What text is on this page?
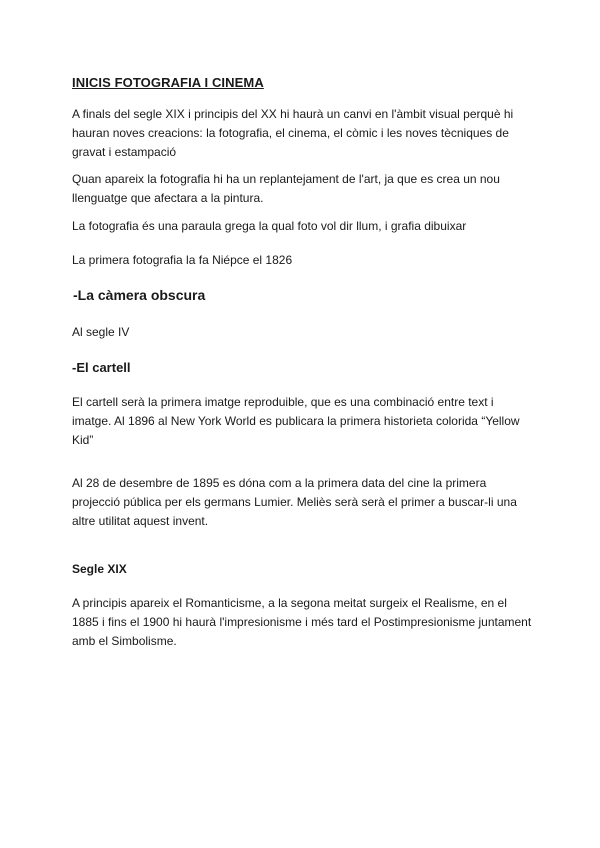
INICIS FOTOGRAFIA I CINEMA

A finals del segle XIX i principis del XX hi haurà un canvi en l'àmbit visual perquè hi hauran noves creacions: la fotografia, el cinema, el còmic i les noves tècniques de gravat i estampació

Quan apareix la fotografia hi ha un replantejament de l'art, ja que es crea un nou llenguatge que afectara a la pintura.

La fotografia és una paraula grega la qual foto vol dir llum, i grafia dibuixar

La primera fotografia la fa Niépce el 1826

-La càmera obscura

Al segle IV

-El cartell

El cartell serà la primera imatge reproduible, que es una combinació entre text i imatge. Al 1896 al New York World es publicara la primera historieta colorida “Yellow Kid”

Al 28 de desembre de 1895 es dóna com a la primera data del cine la primera projecció pública per els germans Lumier. Meliès serà serà el primer a buscar-li una altre utilitat aquest invent.

Segle XIX

A principis apareix el Romanticisme, a la segona meitat surgeix el Realisme, en el 1885 i fins el 1900 hi haurà l'impresionisme i més tard el Postimpresionisme juntament amb el Simbolisme.
